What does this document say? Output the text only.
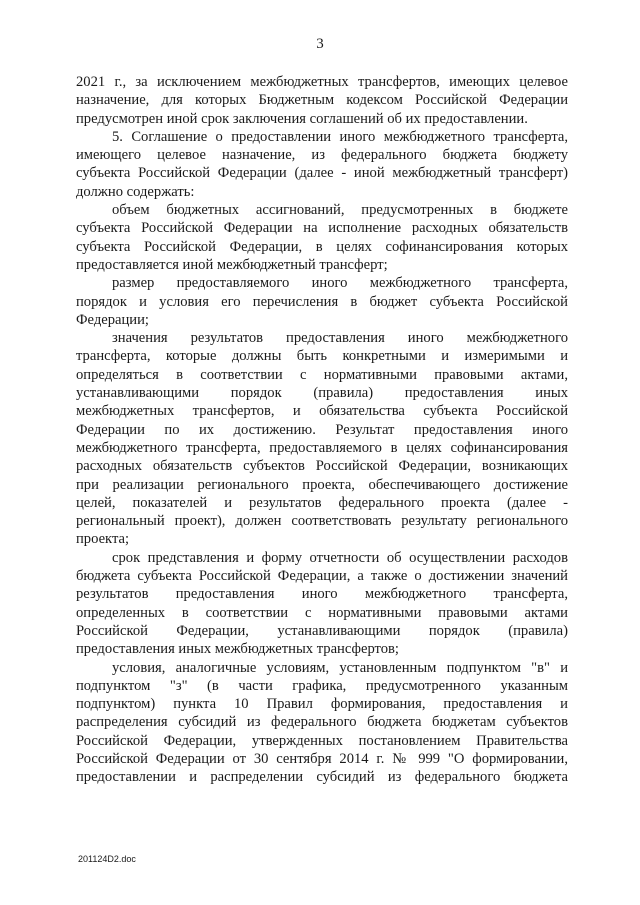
3
2021 г., за исключением межбюджетных трансфертов, имеющих целевое
назначение, для которых Бюджетным кодексом Российской Федерации
предусмотрен иной срок заключения соглашений об их предоставлении.
5. Соглашение о предоставлении иного межбюджетного трансферта,
имеющего целевое назначение, из федерального бюджета бюджету
субъекта Российской Федерации (далее - иной межбюджетный трансферт)
должно содержать:
объем бюджетных ассигнований, предусмотренных в бюджете
субъекта Российской Федерации на исполнение расходных обязательств
субъекта Российской Федерации, в целях софинансирования которых
предоставляется иной межбюджетный трансферт;
размер предоставляемого иного межбюджетного трансферта,
порядок и условия его перечисления в бюджет субъекта Российской
Федерации;
значения результатов предоставления иного межбюджетного
трансферта, которые должны быть конкретными и измеримыми и
определяться в соответствии с нормативными правовыми актами,
устанавливающими порядок (правила) предоставления иных
межбюджетных трансфертов, и обязательства субъекта Российской
Федерации по их достижению. Результат предоставления иного
межбюджетного трансферта, предоставляемого в целях софинансирования
расходных обязательств субъектов Российской Федерации, возникающих
при реализации регионального проекта, обеспечивающего достижение
целей, показателей и результатов федерального проекта (далее -
региональный проект), должен соответствовать результату регионального
проекта;
срок представления и форму отчетности об осуществлении расходов
бюджета субъекта Российской Федерации, а также о достижении значений
результатов предоставления иного межбюджетного трансферта,
определенных в соответствии с нормативными правовыми актами
Российской Федерации, устанавливающими порядок (правила)
предоставления иных межбюджетных трансфертов;
условия, аналогичные условиям, установленным подпунктом "в" и
подпунктом "з" (в части графика, предусмотренного указанным
подпунктом) пункта 10 Правил формирования, предоставления и
распределения субсидий из федерального бюджета бюджетам субъектов
Российской Федерации, утвержденных постановлением Правительства
Российской Федерации от 30 сентября 2014 г. № 999 "О формировании,
предоставлении и распределении субсидий из федерального бюджета
201124D2.doc
